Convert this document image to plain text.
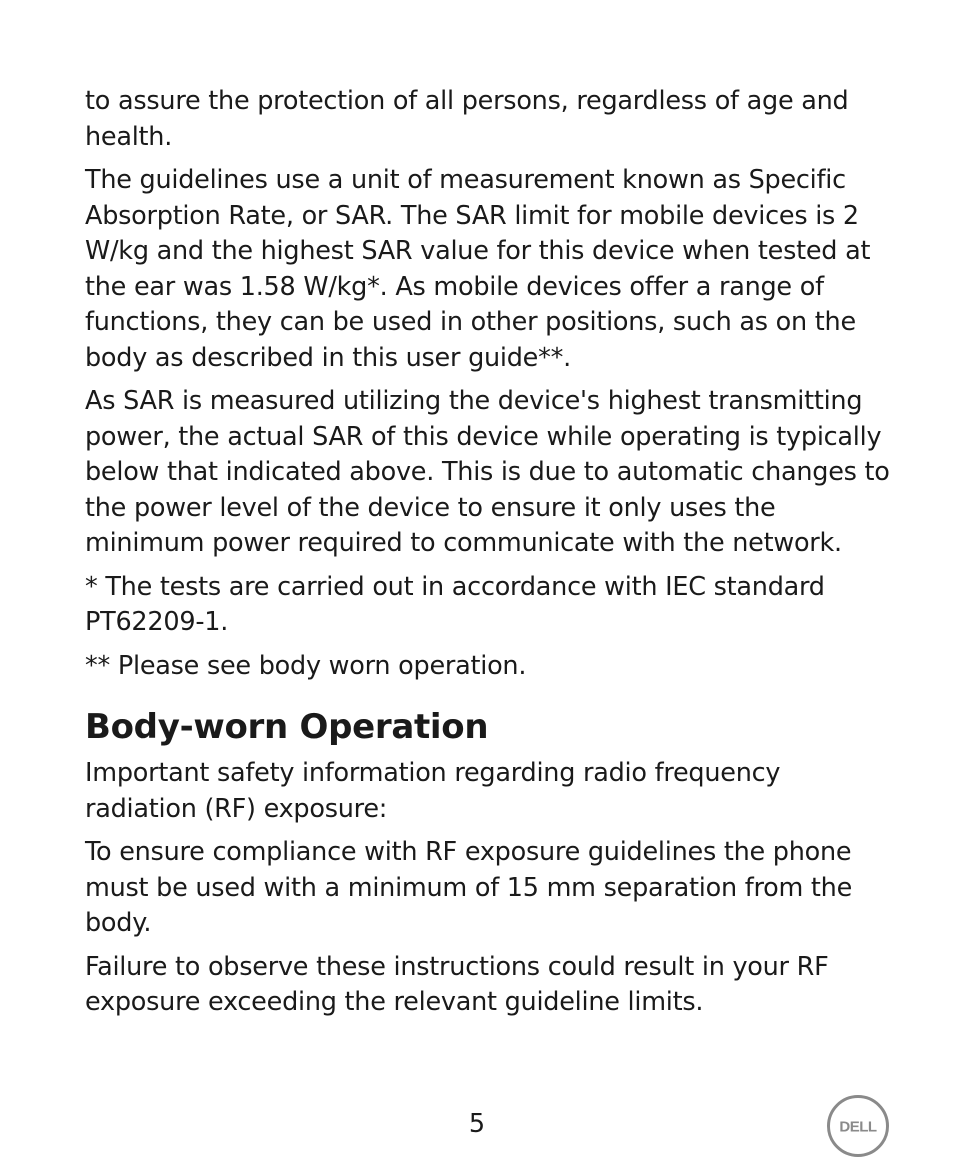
to assure the protection of all persons, regardless of age and health.

The guidelines use a unit of measurement known as Specific Absorption Rate, or SAR. The SAR limit for mobile devices is 2 W/kg and the highest SAR value for this device when tested at the ear was 1.58 W/kg*. As mobile devices offer a range of functions, they can be used in other positions, such as on the body as described in this user guide**.

As SAR is measured utilizing the device's highest transmitting power, the actual SAR of this device while operating is typically below that indicated above. This is due to automatic changes to the power level of the device to ensure it only uses the minimum power required to communicate with the network.

* The tests are carried out in accordance with IEC standard PT62209-1.

** Please see body worn operation.

Body-worn Operation

Important safety information regarding radio frequency radiation (RF) exposure:

To ensure compliance with RF exposure guidelines the phone must be used with a minimum of 15 mm separation from the body.

Failure to observe these instructions could result in your RF exposure exceeding the relevant guideline limits.

5	DELL
